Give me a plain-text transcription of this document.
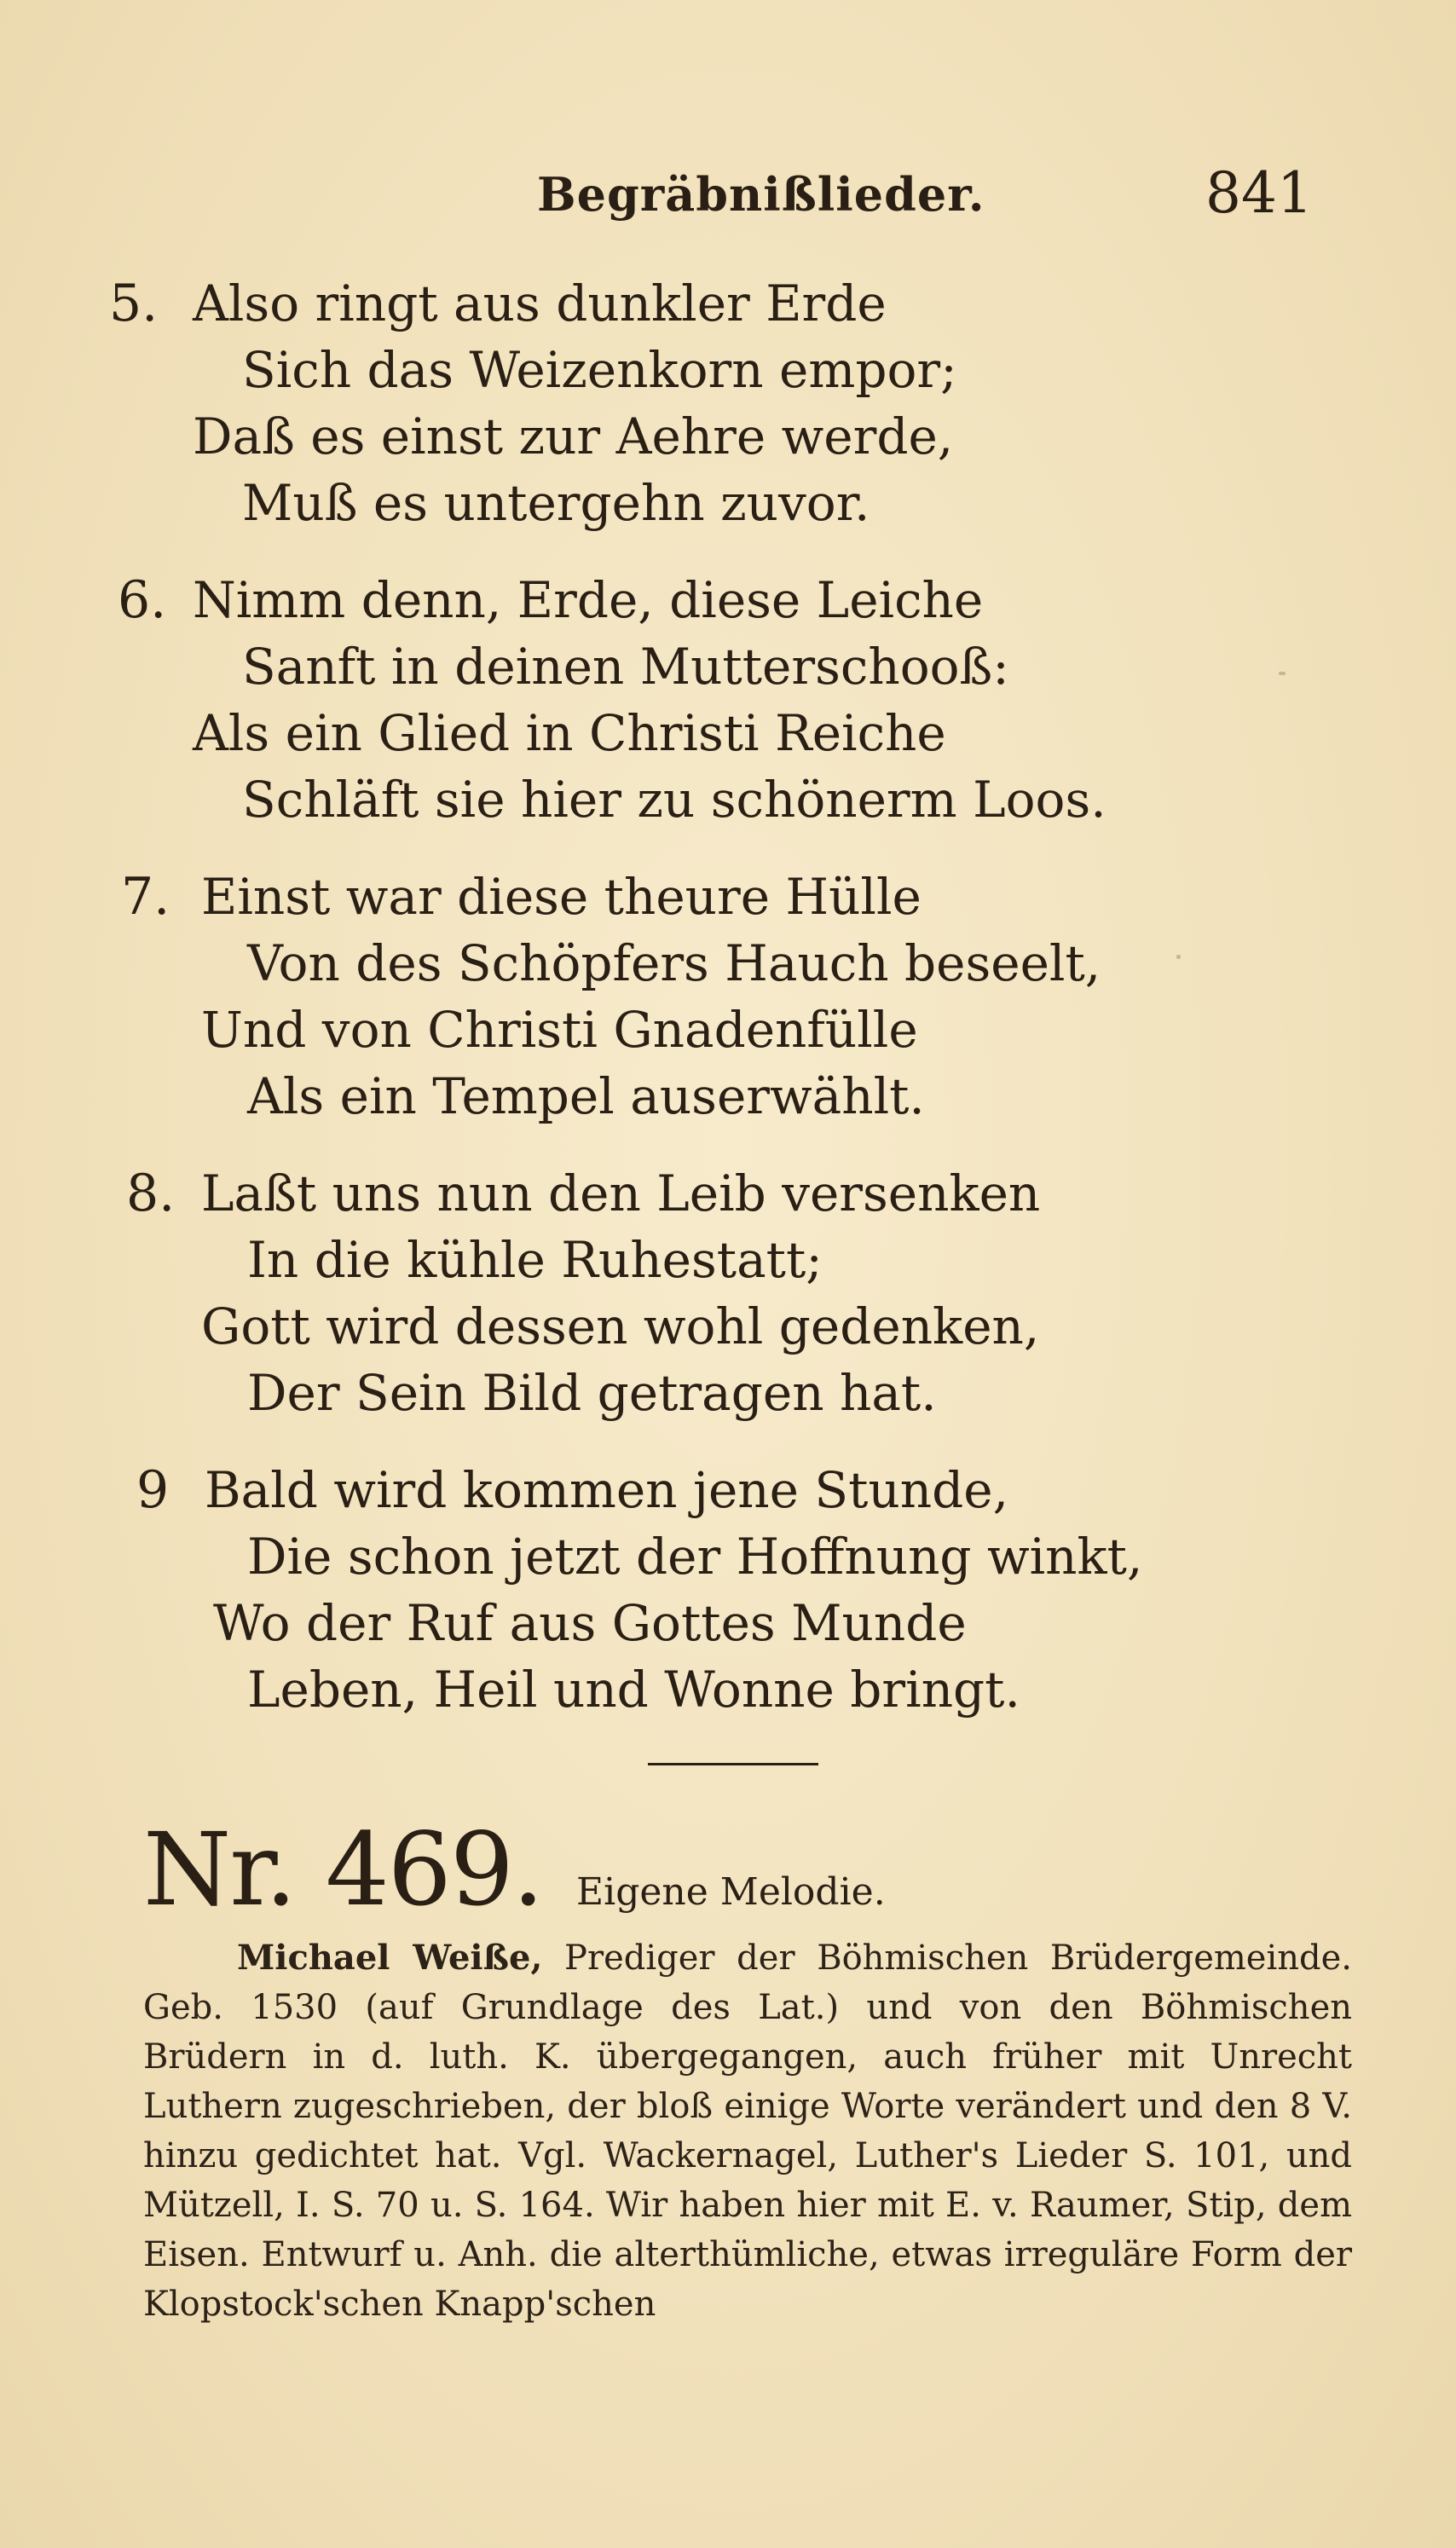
Begräbnißlieder.	841
5. Also ringt aus dunkler Erde
Sich das Weizenkorn empor;
Daß es einst zur Aehre werde,
Muß es untergehn zuvor.
6. Nimm denn, Erde, diese Leiche
Sanft in deinen Mutterschooß:
Als ein Glied in Christi Reiche
Schläft sie hier zu schönerm Loos.
7. Einst war diese theure Hülle
Von des Schöpfers Hauch beseelt,
Und von Christi Gnadenfülle
Als ein Tempel auserwählt.
8. Laßt uns nun den Leib versenken
In die kühle Ruhestatt;
Gott wird dessen wohl gedenken,
Der Sein Bild getragen hat.
9 Bald wird kommen jene Stunde,
Die schon jetzt der Hoffnung winkt,
Wo der Ruf aus Gottes Munde
Leben, Heil und Wonne bringt.
Nr. 469. Eigene Melodie.
Michael Weiße, Prediger der Böhmischen Brüdergemeinde. Geb. 1530 (auf Grundlage des Lat.) und von den Böhmischen Brüdern in d. luth. K. übergegangen, auch früher mit Unrecht Luthern zugeschrieben, der bloß einige Worte verändert und den 8 V. hinzu gedichtet hat. Vgl. Wackernagel, Luther's Lieder S. 101, und Mützell, I. S. 70 u. S. 164. Wir haben hier mit E. v. Raumer, Stip, dem Eisen. Entwurf u. Anh. die alterthümliche, etwas irreguläre Form der Klopstock'schen Knapp'schen
